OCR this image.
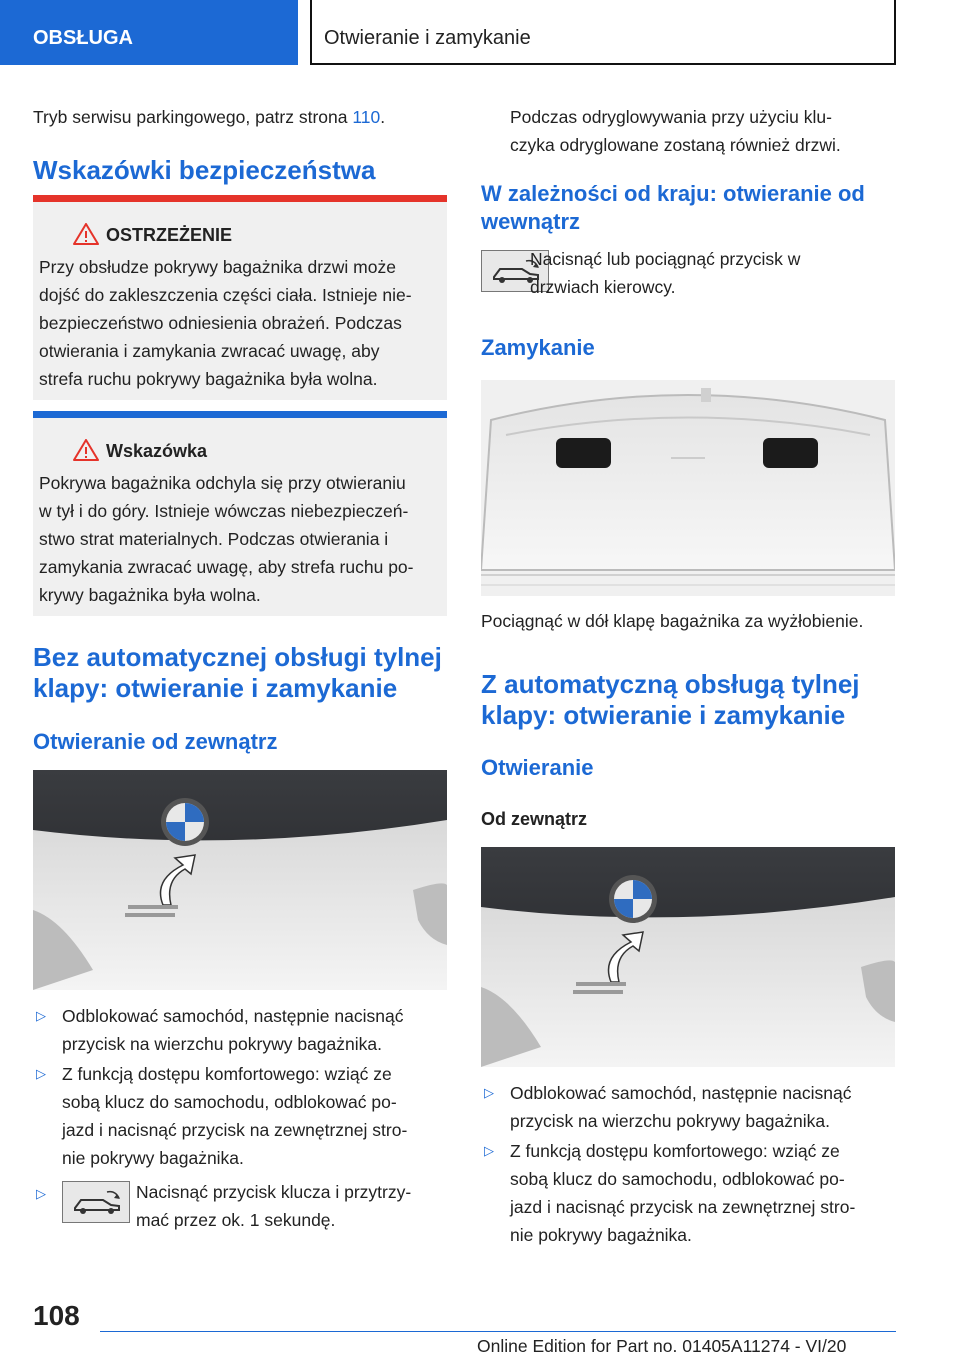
OBSŁUGA	Otwieranie i zamykanie
Tryb serwisu parkingowego, patrz strona 110.
Wskazówki bezpieczeństwa
OSTRZEŻENIE
Przy obsłudze pokrywy bagażnika drzwi może
dojść do zakleszczenia części ciała. Istnieje nie-
bezpieczeństwo odniesienia obrażeń. Podczas
otwierania i zamykania zwracać uwagę, aby
strefa ruchu pokrywy bagażnika była wolna.
Wskazówka
Pokrywa bagażnika odchyla się przy otwieraniu
w tył i do góry. Istnieje wówczas niebezpieczeń-
stwo strat materialnych. Podczas otwierania i
zamykania zwracać uwagę, aby strefa ruchu po-
krywy bagażnika była wolna.
Bez automatycznej obsługi tylnej
klapy: otwieranie i zamykanie
Otwieranie od zewnątrz
▷ Odblokować samochód, następnie nacisnąć
przycisk na wierzchu pokrywy bagażnika.
▷ Z funkcją dostępu komfortowego: wziąć ze
sobą klucz do samochodu, odblokować po-
jazd i nacisnąć przycisk na zewnętrznej stro-
nie pokrywy bagażnika.
▷	Nacisnąć przycisk klucza i przytrzy-
mać przez ok. 1 sekundę.
Podczas odryglowywania przy użyciu klu-
czyka odryglowane zostaną również drzwi.
W zależności od kraju: otwieranie od
wewnątrz
Nacisnąć lub pociągnąć przycisk w
drzwiach kierowcy.
Zamykanie
Pociągnąć w dół klapę bagażnika za wyżłobienie.
Z automatyczną obsługą tylnej
klapy: otwieranie i zamykanie
Otwieranie
Od zewnątrz
▷ Odblokować samochód, następnie nacisnąć
przycisk na wierzchu pokrywy bagażnika.
▷ Z funkcją dostępu komfortowego: wziąć ze
sobą klucz do samochodu, odblokować po-
jazd i nacisnąć przycisk na zewnętrznej stro-
nie pokrywy bagażnika.
108
Online Edition for Part no. 01405A11274 - VI/20
